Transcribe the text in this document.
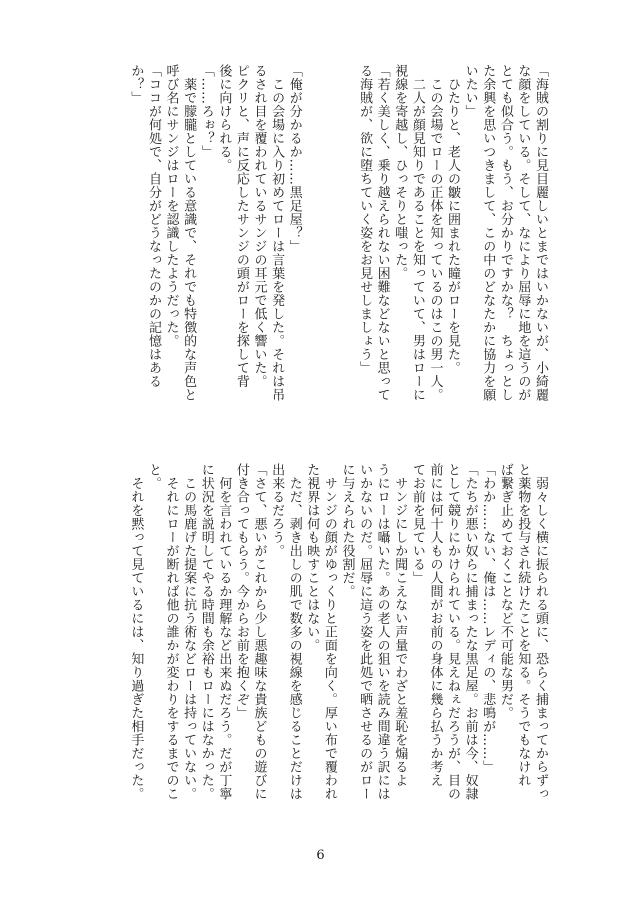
「海賊の割りに見目麗しいとまではいかないが、小綺麗
な顔をしている。そして、なにより屈辱に地を這うのが
とても似合う。もう、お分かりですかな？　ちょっとし
た余興を思いつきまして、この中のどなたかに協力を願
いたい」
　ひたりと、老人の皺に囲まれた瞳がローを見た。
　この会場でローの正体を知っているのはこの男一人。
　二人が顔見知りであることを知っていて、男はローに
視線を寄越し、ひっそりと嗤った。
「若く美しく、乗り越えられない困難などないと思って
る海賊が、欲に堕ちていく姿をお見せしましょう」

「俺が分かるか……黒足屋？」
　この会場に入り初めてローは言葉を発した。それは吊
るされ目を覆われているサンジの耳元で低く響いた。
ピクリと、声に反応したサンジの頭がローを探して背
後に向けられる。
「……ろぉ？」
　薬で朦朧としている意識で、それでも特徴的な声色と
呼び名にサンジはローを認識したようだった。
「ココが何処で、自分がどうなったのかの記憶はある
か？」
　弱々しく横に振られる頭に、恐らく捕まってからずっ
と薬物を投与され続けたことを知る。そうでもなけれ
ば繋ぎ止めておくことなど不可能な男だ。
「わか……ない、俺は……レディの、悲鳴が……」
「たちが悪い奴らに捕まったな黒足屋。お前は今、奴隷
として競りにかけられている。見えねぇだろうが、目の
前には何十人もの人間がお前の身体に幾ら払うか考え
てお前を見ている」
　サンジにしか聞こえない声量でわざと羞恥を煽るよ
うにローは囁いた。あの老人の狙いを読み間違う訳には
いかないのだ。屈辱に這う姿を此処で晒させるのがロー
に与えられた役割だ。
　サンジの顔がゆっくりと正面を向く。厚い布で覆われ
た視界は何も映すことはない。
　ただ、剥き出しの肌で数多の視線を感じることだけは
出来るだろう。
「さて、悪いがこれから少し悪趣味な貴族どもの遊びに
付き合ってもらう。今からお前を抱くぞ」
　何を言われているか理解など出来ぬだろう。だが丁寧
に状況を説明してやる時間も余裕もローにはなかった。
　この馬鹿げた提案に抗う術などローは持っていない。
　それにローが断れば他の誰かが変わりをするまでのこ
と。
　それを黙って見ているには、知り過ぎた相手だった。
6
